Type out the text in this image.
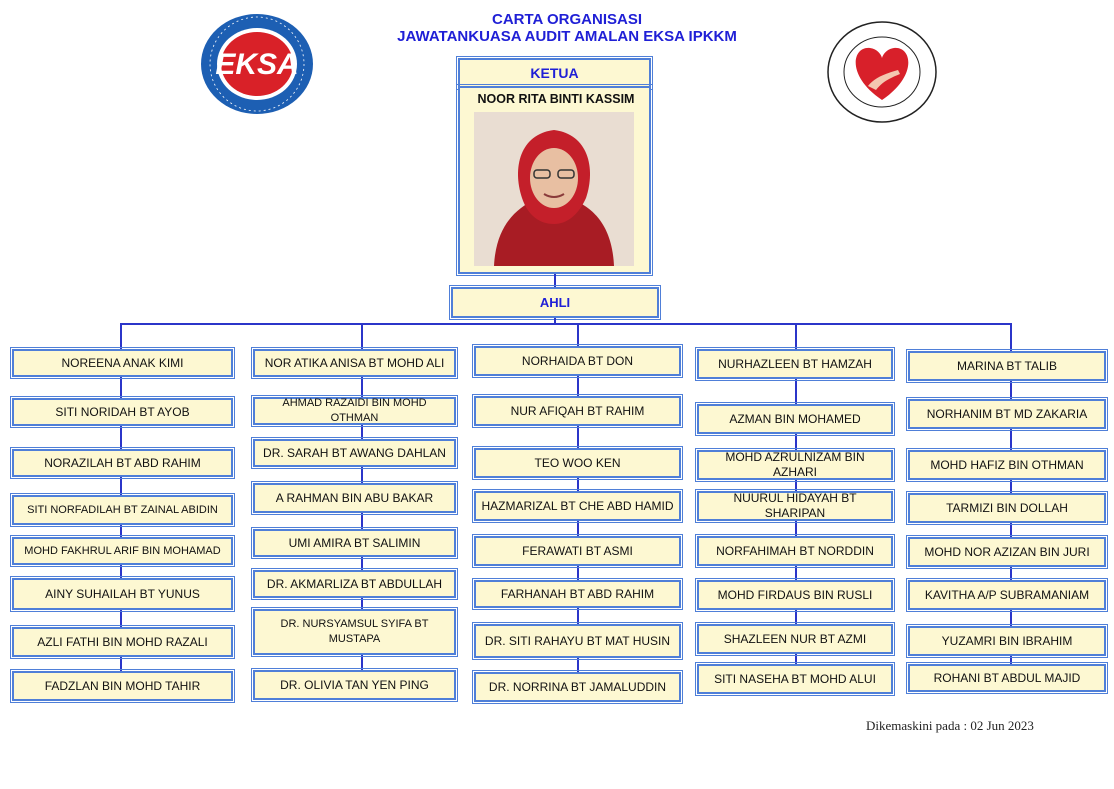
CARTA ORGANISASI
JAWATANKUASA AUDIT AMALAN EKSA IPKKM
EKSA	KETUA
NOOR RITA BINTI KASSIM
AHLI
NOREENA ANAK KIMI
SITI NORIDAH BT AYOB
NORAZILAH BT ABD RAHIM
SITI NORFADILAH BT ZAINAL ABIDIN
MOHD FAKHRUL ARIF BIN MOHAMAD
AINY SUHAILAH BT YUNUS
AZLI FATHI BIN MOHD RAZALI
FADZLAN BIN MOHD TAHIR
NOR ATIKA ANISA BT MOHD ALI
AHMAD RAZAIDI BIN MOHD OTHMAN
DR. SARAH BT AWANG DAHLAN
A RAHMAN BIN ABU BAKAR
UMI AMIRA BT SALIMIN
DR. AKMARLIZA BT ABDULLAH
DR. NURSYAMSUL SYIFA BT MUSTAPA
DR. OLIVIA TAN YEN PING
NORHAIDA BT DON
NUR AFIQAH BT RAHIM
TEO WOO KEN
HAZMARIZAL BT CHE ABD HAMID
FERAWATI BT ASMI
FARHANAH BT ABD RAHIM
DR. SITI RAHAYU BT MAT HUSIN
DR. NORRINA BT JAMALUDDIN
NURHAZLEEN BT HAMZAH
AZMAN BIN MOHAMED
MOHD AZRULNIZAM BIN AZHARI
NUURUL HIDAYAH BT SHARIPAN
NORFAHIMAH BT NORDDIN
MOHD FIRDAUS BIN RUSLI
SHAZLEEN NUR BT AZMI
SITI NASEHA BT MOHD ALUI
MARINA BT TALIB
NORHANIM BT MD ZAKARIA
MOHD HAFIZ BIN OTHMAN
TARMIZI BIN DOLLAH
MOHD NOR AZIZAN BIN JURI
KAVITHA A/P SUBRAMANIAM
YUZAMRI BIN IBRAHIM
ROHANI BT ABDUL MAJID
Dikemaskini pada : 02 Jun 2023
